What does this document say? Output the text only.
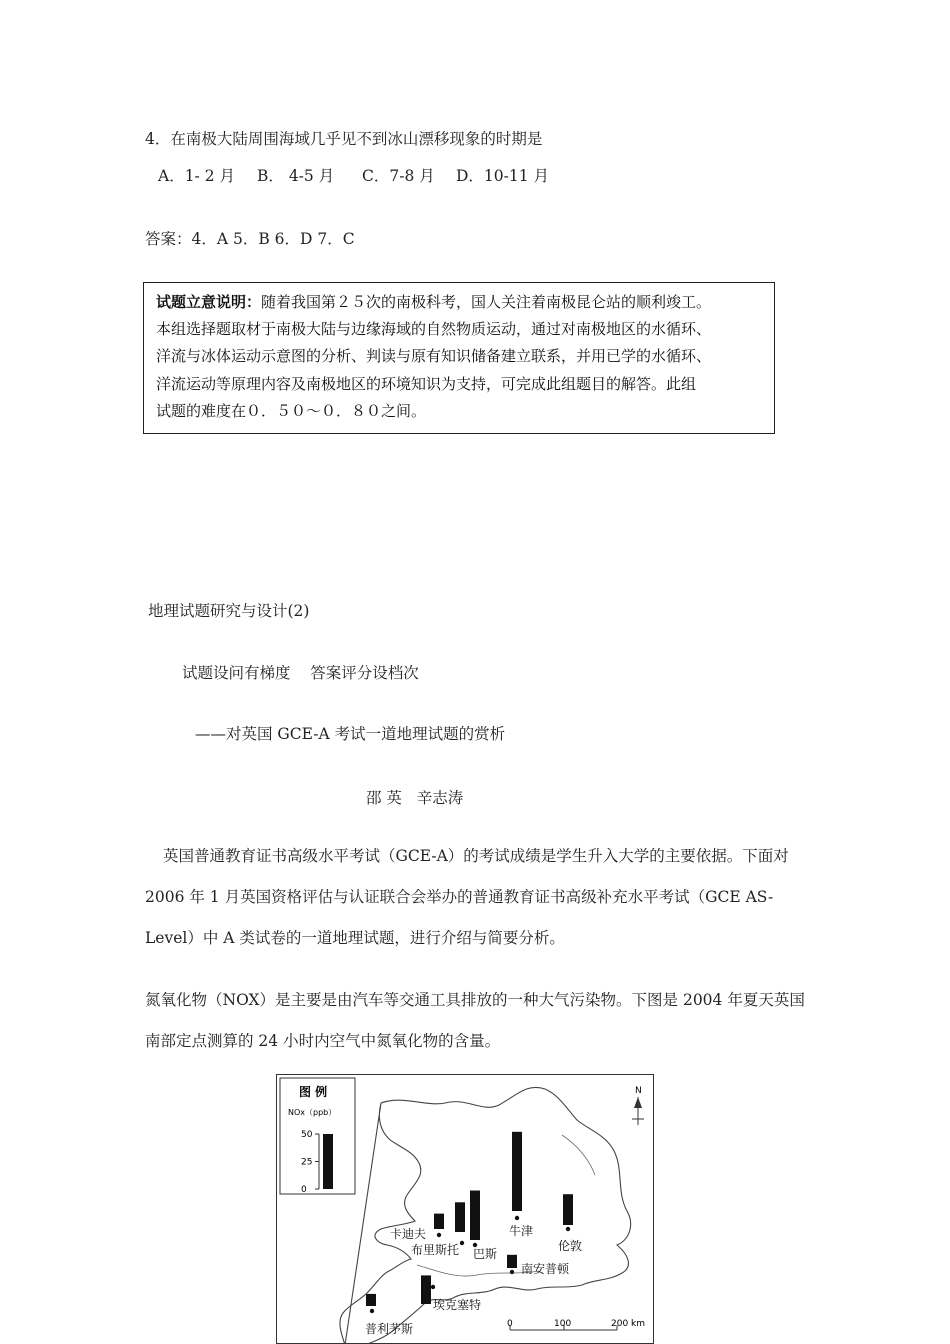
4．在南极大陆周围海域几乎见不到冰山漂移现象的时期是
A．1- 2 月 B． 4-5 月 C．7-8 月 D．10-11 月
答案：4．A 5．B 6．D 7．C
试题立意说明：随着我国第２５次的南极科考，国人关注着南极昆仑站的顺利竣工。
本组选择题取材于南极大陆与边缘海域的自然物质运动，通过对南极地区的水循环、
洋流与冰体运动示意图的分析、判读与原有知识储备建立联系，并用已学的水循环、
洋流运动等原理内容及南极地区的环境知识为支持，可完成此组题目的解答。此组
试题的难度在０．５０～０．８０之间。
地理试题研究与设计(2)
试题设问有梯度    答案评分设档次
——对英国 GCE-A 考试一道地理试题的赏析
邵 英   辛志涛
英国普通教育证书高级水平考试（GCE-A）的考试成绩是学生升入大学的主要依据。下面对 2006 年 1 月英国资格评估与认证联合会举办的普通教育证书高级补充水平考试（GCE AS-Level）中 A 类试卷的一道地理试题，进行介绍与简要分析。
氮氧化物（NOX）是主要是由汽车等交通工具排放的一种大气污染物。下图是 2004 年夏天英国南部定点测算的 24 小时内空气中氮氧化物的含量。
图 例
NOx（ppb）
50
25
0
N
0	100	200 km
卡迪夫
布里斯托 巴斯
牛津
伦敦
南安普顿
埃克塞特
普利茅斯
